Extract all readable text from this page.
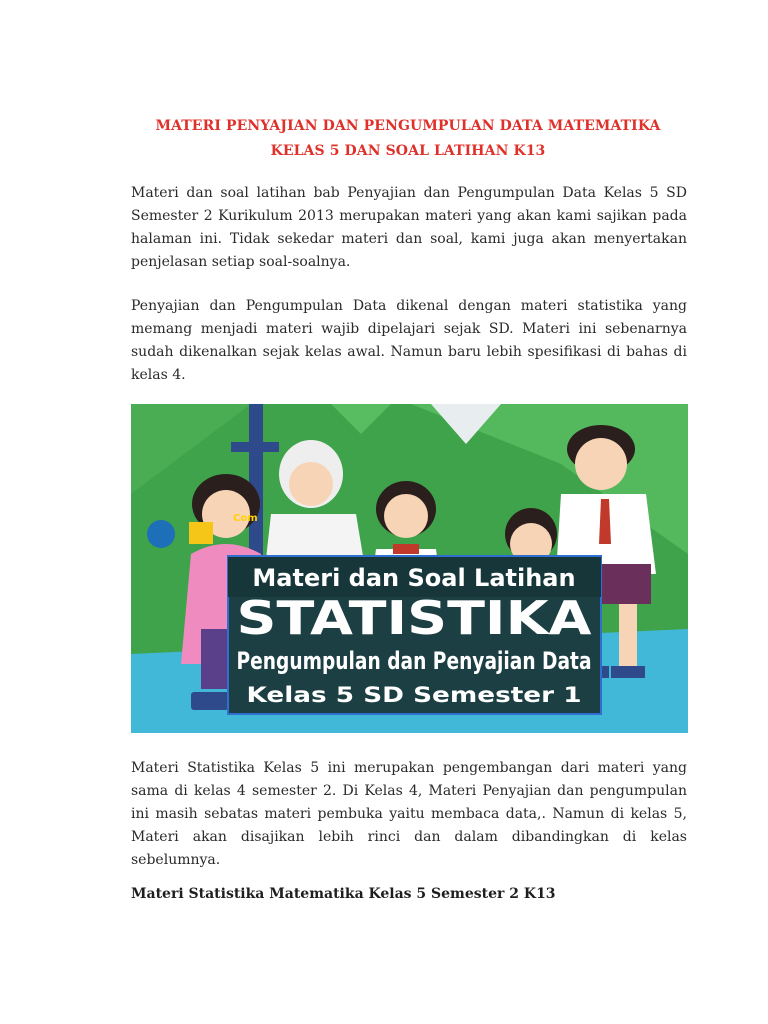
MATERI PENYAJIAN DAN PENGUMPULAN DATA MATEMATIKA
KELAS 5 DAN SOAL LATIHAN K13

Materi dan soal latihan bab Penyajian dan Pengumpulan Data Kelas 5 SD Semester 2 Kurikulum 2013 merupakan materi yang akan kami sajikan pada halaman ini. Tidak sekedar materi dan soal, kami juga akan menyertakan penjelasan setiap soal-soalnya.

Penyajian dan Pengumpulan Data dikenal dengan materi statistika yang memang menjadi materi wajib dipelajari sejak SD. Materi ini sebenarnya sudah dikenalkan sejak kelas awal. Namun baru lebih spesifikasi di bahas di kelas 4.

Com
Materi dan Soal Latihan
STATISTIKA
Pengumpulan dan Penyajian Data
Kelas 5 SD Semester 1

Materi Statistika Kelas 5 ini merupakan pengembangan dari materi yang sama di kelas 4 semester 2. Di Kelas 4, Materi Penyajian dan pengumpulan ini masih sebatas materi pembuka yaitu membaca data,. Namun di kelas 5, Materi akan disajikan lebih rinci dan dalam dibandingkan di kelas sebelumnya.

Materi Statistika Matematika Kelas 5 Semester 2 K13
